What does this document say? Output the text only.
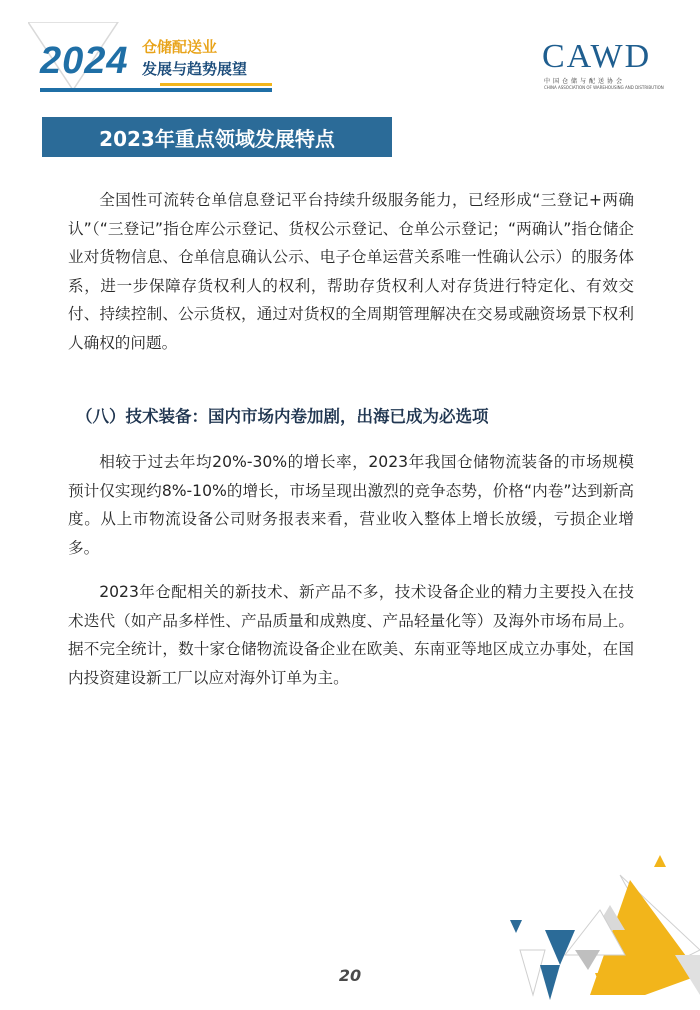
2024 仓储配送业
发展与趋势展望	CAWD
中国仓储与配送协会
CHINA ASSOCIATION OF WAREHOUSING AND DISTRIBUTION
2023年重点领域发展特点

全国性可流转仓单信息登记平台持续升级服务能力，已经形成“三登记+两确认”（“三登记”指仓库公示登记、货权公示登记、仓单公示登记；“两确认”指仓储企业对货物信息、仓单信息确认公示、电子仓单运营关系唯一性确认公示）的服务体系，进一步保障存货权利人的权利，帮助存货权利人对存货进行特定化、有效交付、持续控制、公示货权，通过对货权的全周期管理解决在交易或融资场景下权利人确权的问题。

（八）技术装备：国内市场内卷加剧，出海已成为必选项

相较于过去年均20%-30%的增长率，2023年我国仓储物流装备的市场规模预计仅实现约8%-10%的增长，市场呈现出激烈的竞争态势，价格“内卷”达到新高度。从上市物流设备公司财务报表来看，营业收入整体上增长放缓，亏损企业增多。

2023年仓配相关的新技术、新产品不多，技术设备企业的精力主要投入在技术迭代（如产品多样性、产品质量和成熟度、产品轻量化等）及海外市场布局上。据不完全统计，数十家仓储物流设备企业在欧美、东南亚等地区成立办事处，在国内投资建设新工厂以应对海外订单为主。

20
